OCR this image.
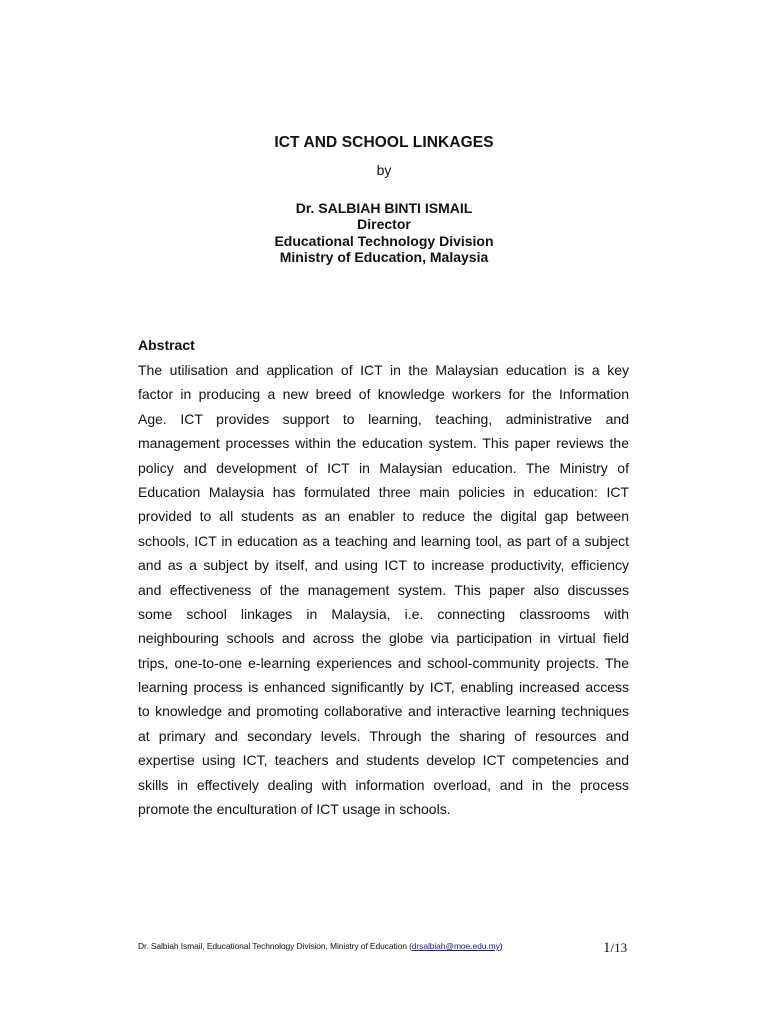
ICT AND SCHOOL LINKAGES
by
Dr. SALBIAH BINTI ISMAIL
Director
Educational Technology Division
Ministry of Education, Malaysia
Abstract
The utilisation and application of ICT in the Malaysian education is a key
factor in producing a new breed of knowledge workers for the Information
Age. ICT provides support to learning, teaching, administrative and
management processes within the education system. This paper reviews the
policy and development of ICT in Malaysian education. The Ministry of
Education Malaysia has formulated three main policies in education: ICT
provided to all students as an enabler to reduce the digital gap between
schools, ICT in education as a teaching and learning tool, as part of a subject
and as a subject by itself, and using ICT to increase productivity, efficiency
and effectiveness of the management system. This paper also discusses
some school linkages in Malaysia, i.e. connecting classrooms with
neighbouring schools and across the globe via participation in virtual field
trips, one-to-one e-learning experiences and school-community projects. The
learning process is enhanced significantly by ICT, enabling increased access
to knowledge and promoting collaborative and interactive learning techniques
at primary and secondary levels. Through the sharing of resources and
expertise using ICT, teachers and students develop ICT competencies and
skills in effectively dealing with information overload, and in the process
promote the enculturation of ICT usage in schools.
Dr. Salbiah Ismail, Educational Technology Division, Ministry of Education (drsalbiah@moe.edu.my)	1/13
